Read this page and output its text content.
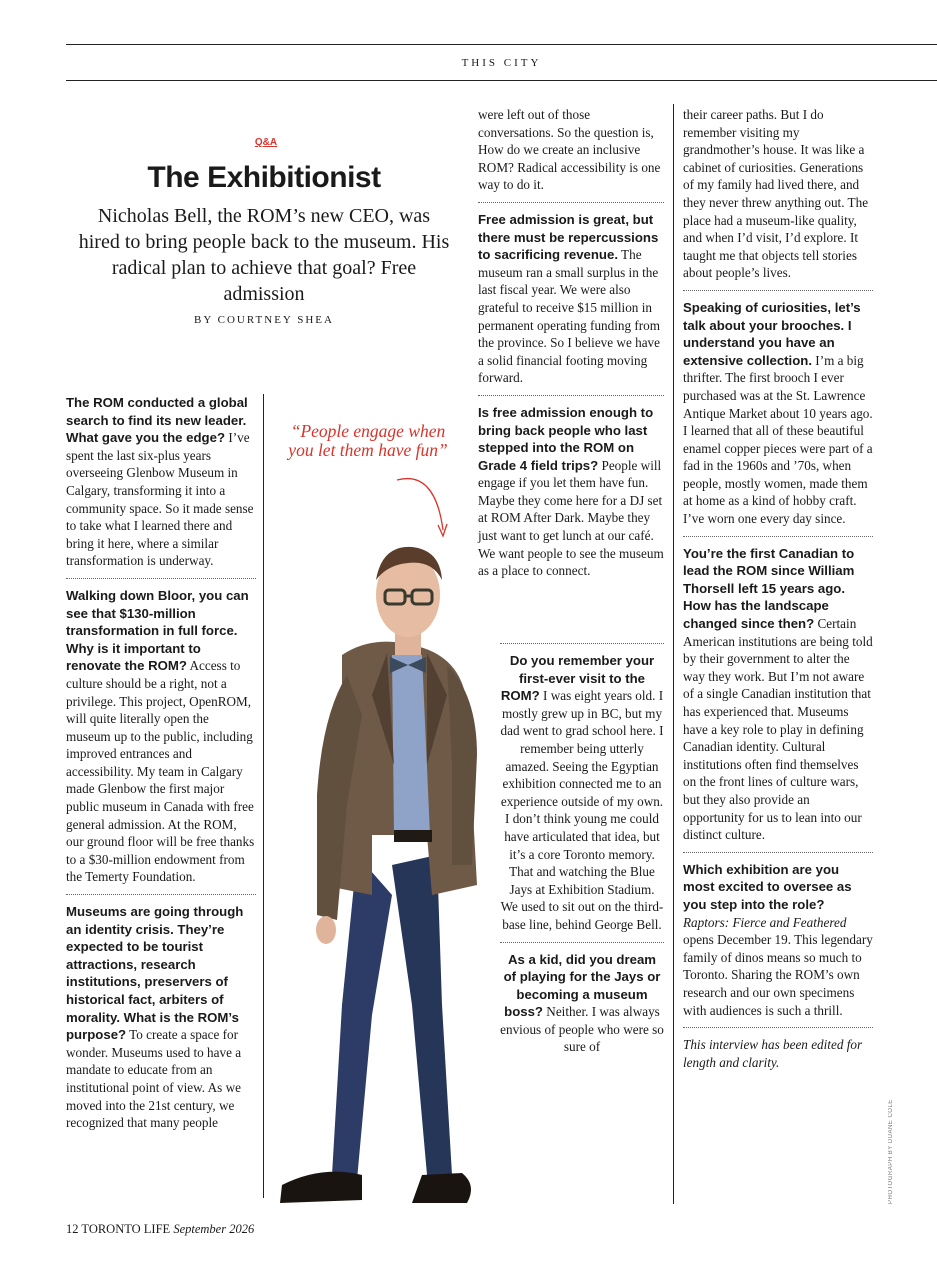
THIS CITY
Q&A
The Exhibitionist
Nicholas Bell, the ROM’s new CEO, was hired to bring people back to the museum. His radical plan to achieve that goal? Free admission
BY COURTNEY SHEA

The ROM conducted a global search to find its new leader. What gave you the edge? I’ve spent the last six-plus years overseeing Glenbow Museum in Calgary, transforming it into a community space. So it made sense to take what I learned there and bring it here, where a similar transformation is underway.

Walking down Bloor, you can see that $130-million transformation in full force. Why is it important to renovate the ROM? Access to culture should be a right, not a privilege. This project, OpenROM, will quite literally open the museum up to the public, including improved entrances and accessibility. My team in Calgary made Glenbow the first major public museum in Canada with free general admission. At the ROM, our ground floor will be free thanks to a $30-million endowment from the Temerty Foundation.

Museums are going through an identity crisis. They’re expected to be tourist attractions, research institutions, preservers of historical fact, arbiters of morality. What is the ROM’s purpose? To create a space for wonder. Museums used to have a mandate to educate from an institutional point of view. As we moved into the 21st century, we recognized that many people

“People engage when you let them have fun”

were left out of those conversations. So the question is, How do we create an inclusive ROM? Radical accessibility is one way to do it.

Free admission is great, but there must be repercussions to sacrificing revenue. The museum ran a small surplus in the last fiscal year. We were also grateful to receive $15 million in permanent operating funding from the province. So I believe we have a solid financial footing moving forward.

Is free admission enough to bring back people who last stepped into the ROM on Grade 4 field trips? People will engage if you let them have fun. Maybe they come here for a DJ set at ROM After Dark. Maybe they just want to get lunch at our café. We want people to see the museum as a place to connect.

Do you remember your first-ever visit to the ROM? I was eight years old. I mostly grew up in BC, but my dad went to grad school here. I remember being utterly amazed. Seeing the Egyptian exhibition connected me to an experience outside of my own. I don’t think young me could have articulated that idea, but it’s a core Toronto memory. That and watching the Blue Jays at Exhibition Stadium. We used to sit out on the third-base line, behind George Bell.

As a kid, did you dream of playing for the Jays or becoming a museum boss? Neither. I was always envious of people who were so sure of

their career paths. But I do remember visiting my grandmother’s house. It was like a cabinet of curiosities. Generations of my family had lived there, and they never threw anything out. The place had a museum-like quality, and when I’d visit, I’d explore. It taught me that objects tell stories about people’s lives.

Speaking of curiosities, let’s talk about your brooches. I understand you have an extensive collection. I’m a big thrifter. The first brooch I ever purchased was at the St. Lawrence Antique Market about 10 years ago. I learned that all of these beautiful enamel copper pieces were part of a fad in the 1960s and ’70s, when people, mostly women, made them at home as a kind of hobby craft. I’ve worn one every day since.

You’re the first Canadian to lead the ROM since William Thorsell left 15 years ago. How has the landscape changed since then? Certain American institutions are being told by their government to alter the way they work. But I’m not aware of a single Canadian institution that has experienced that. Museums have a key role to play in defining Canadian identity. Cultural institutions often find themselves on the front lines of culture wars, but they also provide an opportunity for us to lean into our distinct culture.

Which exhibition are you most excited to oversee as you step into the role? Raptors: Fierce and Feathered opens December 19. This legendary family of dinos means so much to Toronto. Sharing the ROM’s own research and our own specimens with audiences is such a thrill.

This interview has been edited for length and clarity.

PHOTOGRAPH BY DUANE COLE
12 TORONTO LIFE September 2026
